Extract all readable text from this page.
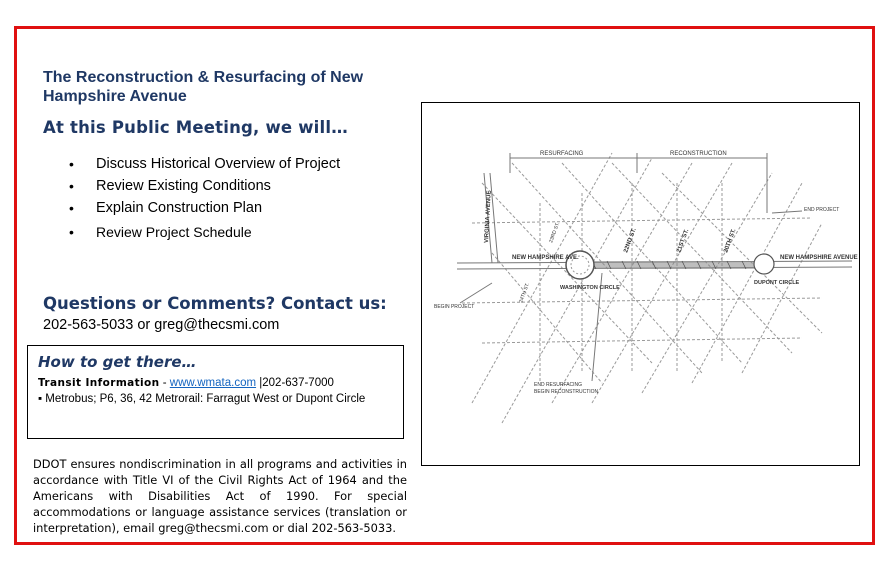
The Reconstruction & Resurfacing of New Hampshire Avenue
At this Public Meeting, we will…
• Discuss Historical Overview of Project
• Review Existing Conditions
• Explain Construction Plan
• Review Project Schedule
Questions or Comments? Contact us:
202-563-5033 or greg@thecsmi.com
How to get there…
Transit Information - www.wmata.com |202-637-7000
▪ Metrobus; P6, 36, 42 Metrorail: Farragut West or Dupont Circle
DDOT ensures nondiscrimination in all programs and activities in accordance with Title VI of the Civil Rights Act of 1964 and the Americans with Disabilities Act of 1990. For special accommodations or language assistance services (translation or interpretation), email greg@thecsmi.com or dial 202-563-5033.
RESURFACING	RECONSTRUCTION
END PROJECT
BEGIN PROJECT
NEW HAMPSHIRE AVE.	NEW HAMPSHIRE AVENUE
WASHINGTON CIRCLE
DUPONT CIRCLE
VIRGINIA AVENUE
END RESURFACING
BEGIN RECONSTRUCTION
22ND ST.	21ST ST.	20TH ST.
24TH ST.
23RD ST.
